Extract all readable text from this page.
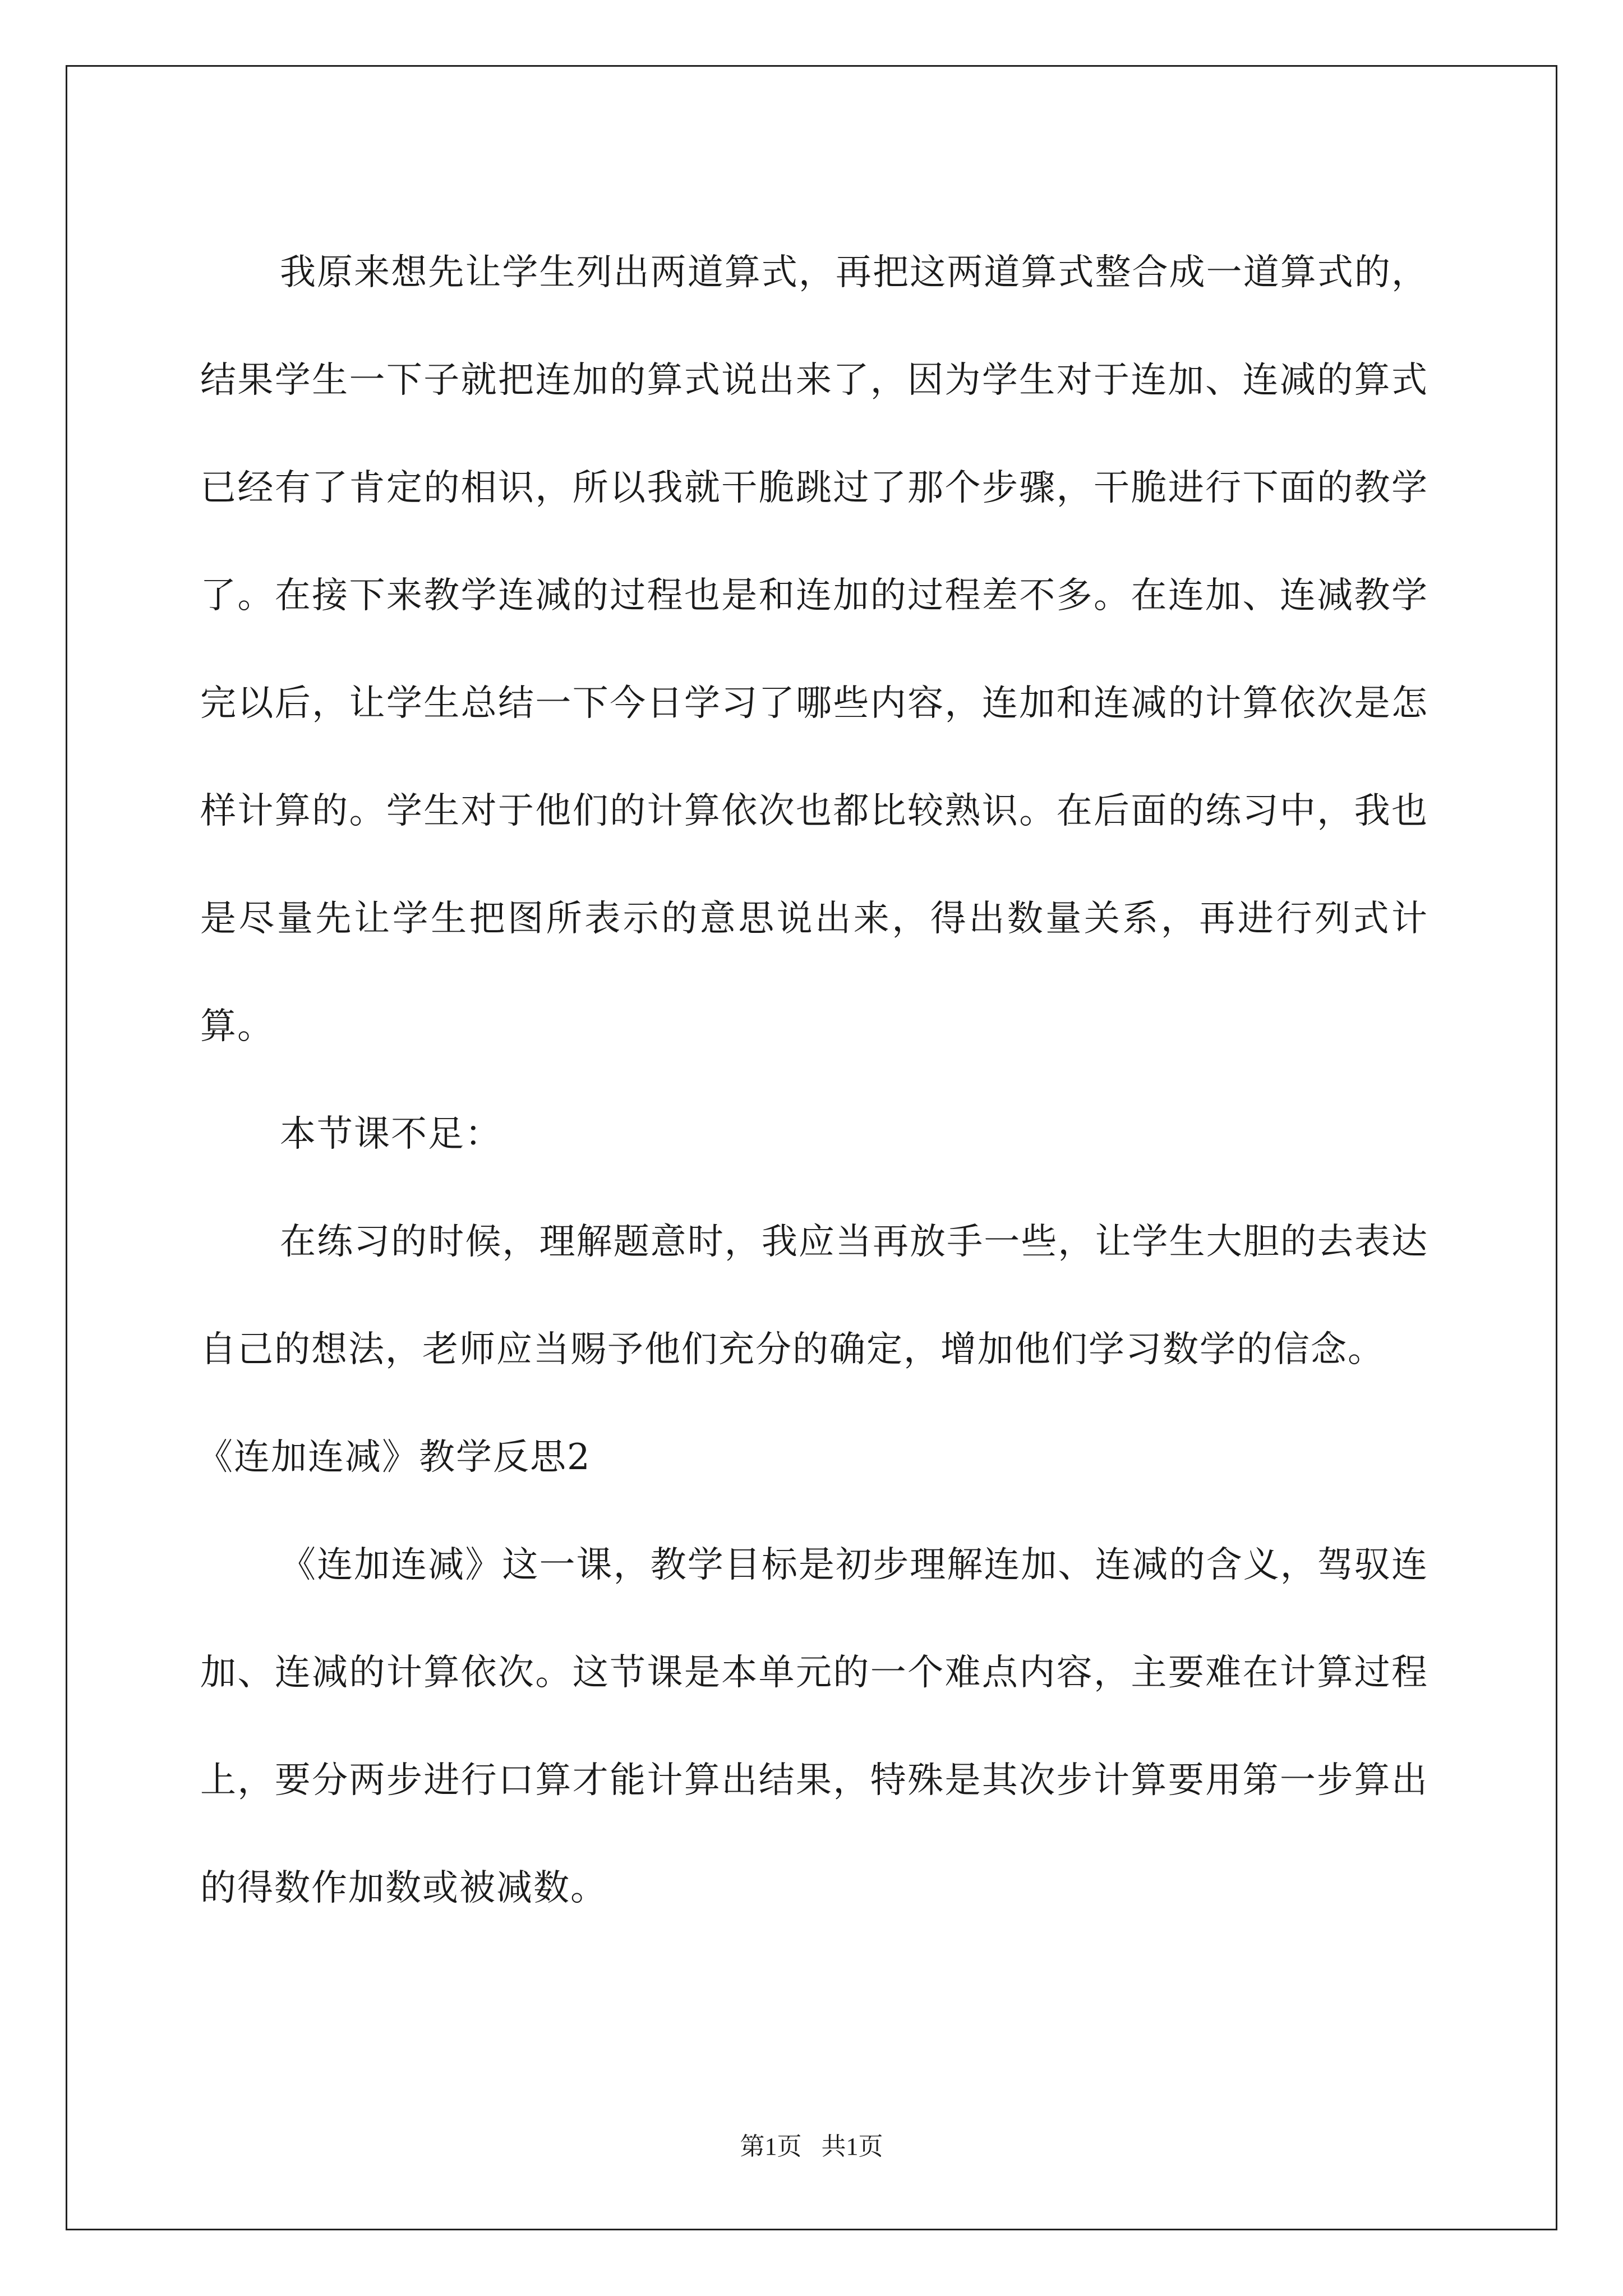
我原来想先让学生列出两道算式，再把这两道算式整合成一道算式的，结果学生一下子就把连加的算式说出来了，因为学生对于连加、连减的算式已经有了肯定的相识，所以我就干脆跳过了那个步骤，干脆进行下面的教学了。在接下来教学连减的过程也是和连加的过程差不多。在连加、连减教学完以后，让学生总结一下今日学习了哪些内容，连加和连减的计算依次是怎样计算的。学生对于他们的计算依次也都比较熟识。在后面的练习中，我也是尽量先让学生把图所表示的意思说出来，得出数量关系，再进行列式计算。

本节课不足：

在练习的时候，理解题意时，我应当再放手一些，让学生大胆的去表达自己的想法，老师应当赐予他们充分的确定，增加他们学习数学的信念。

《连加连减》教学反思2

《连加连减》这一课，教学目标是初步理解连加、连减的含义，驾驭连加、连减的计算依次。这节课是本单元的一个难点内容，主要难在计算过程上，要分两步进行口算才能计算出结果，特殊是其次步计算要用第一步算出的得数作加数或被减数。

第1页 共1页
